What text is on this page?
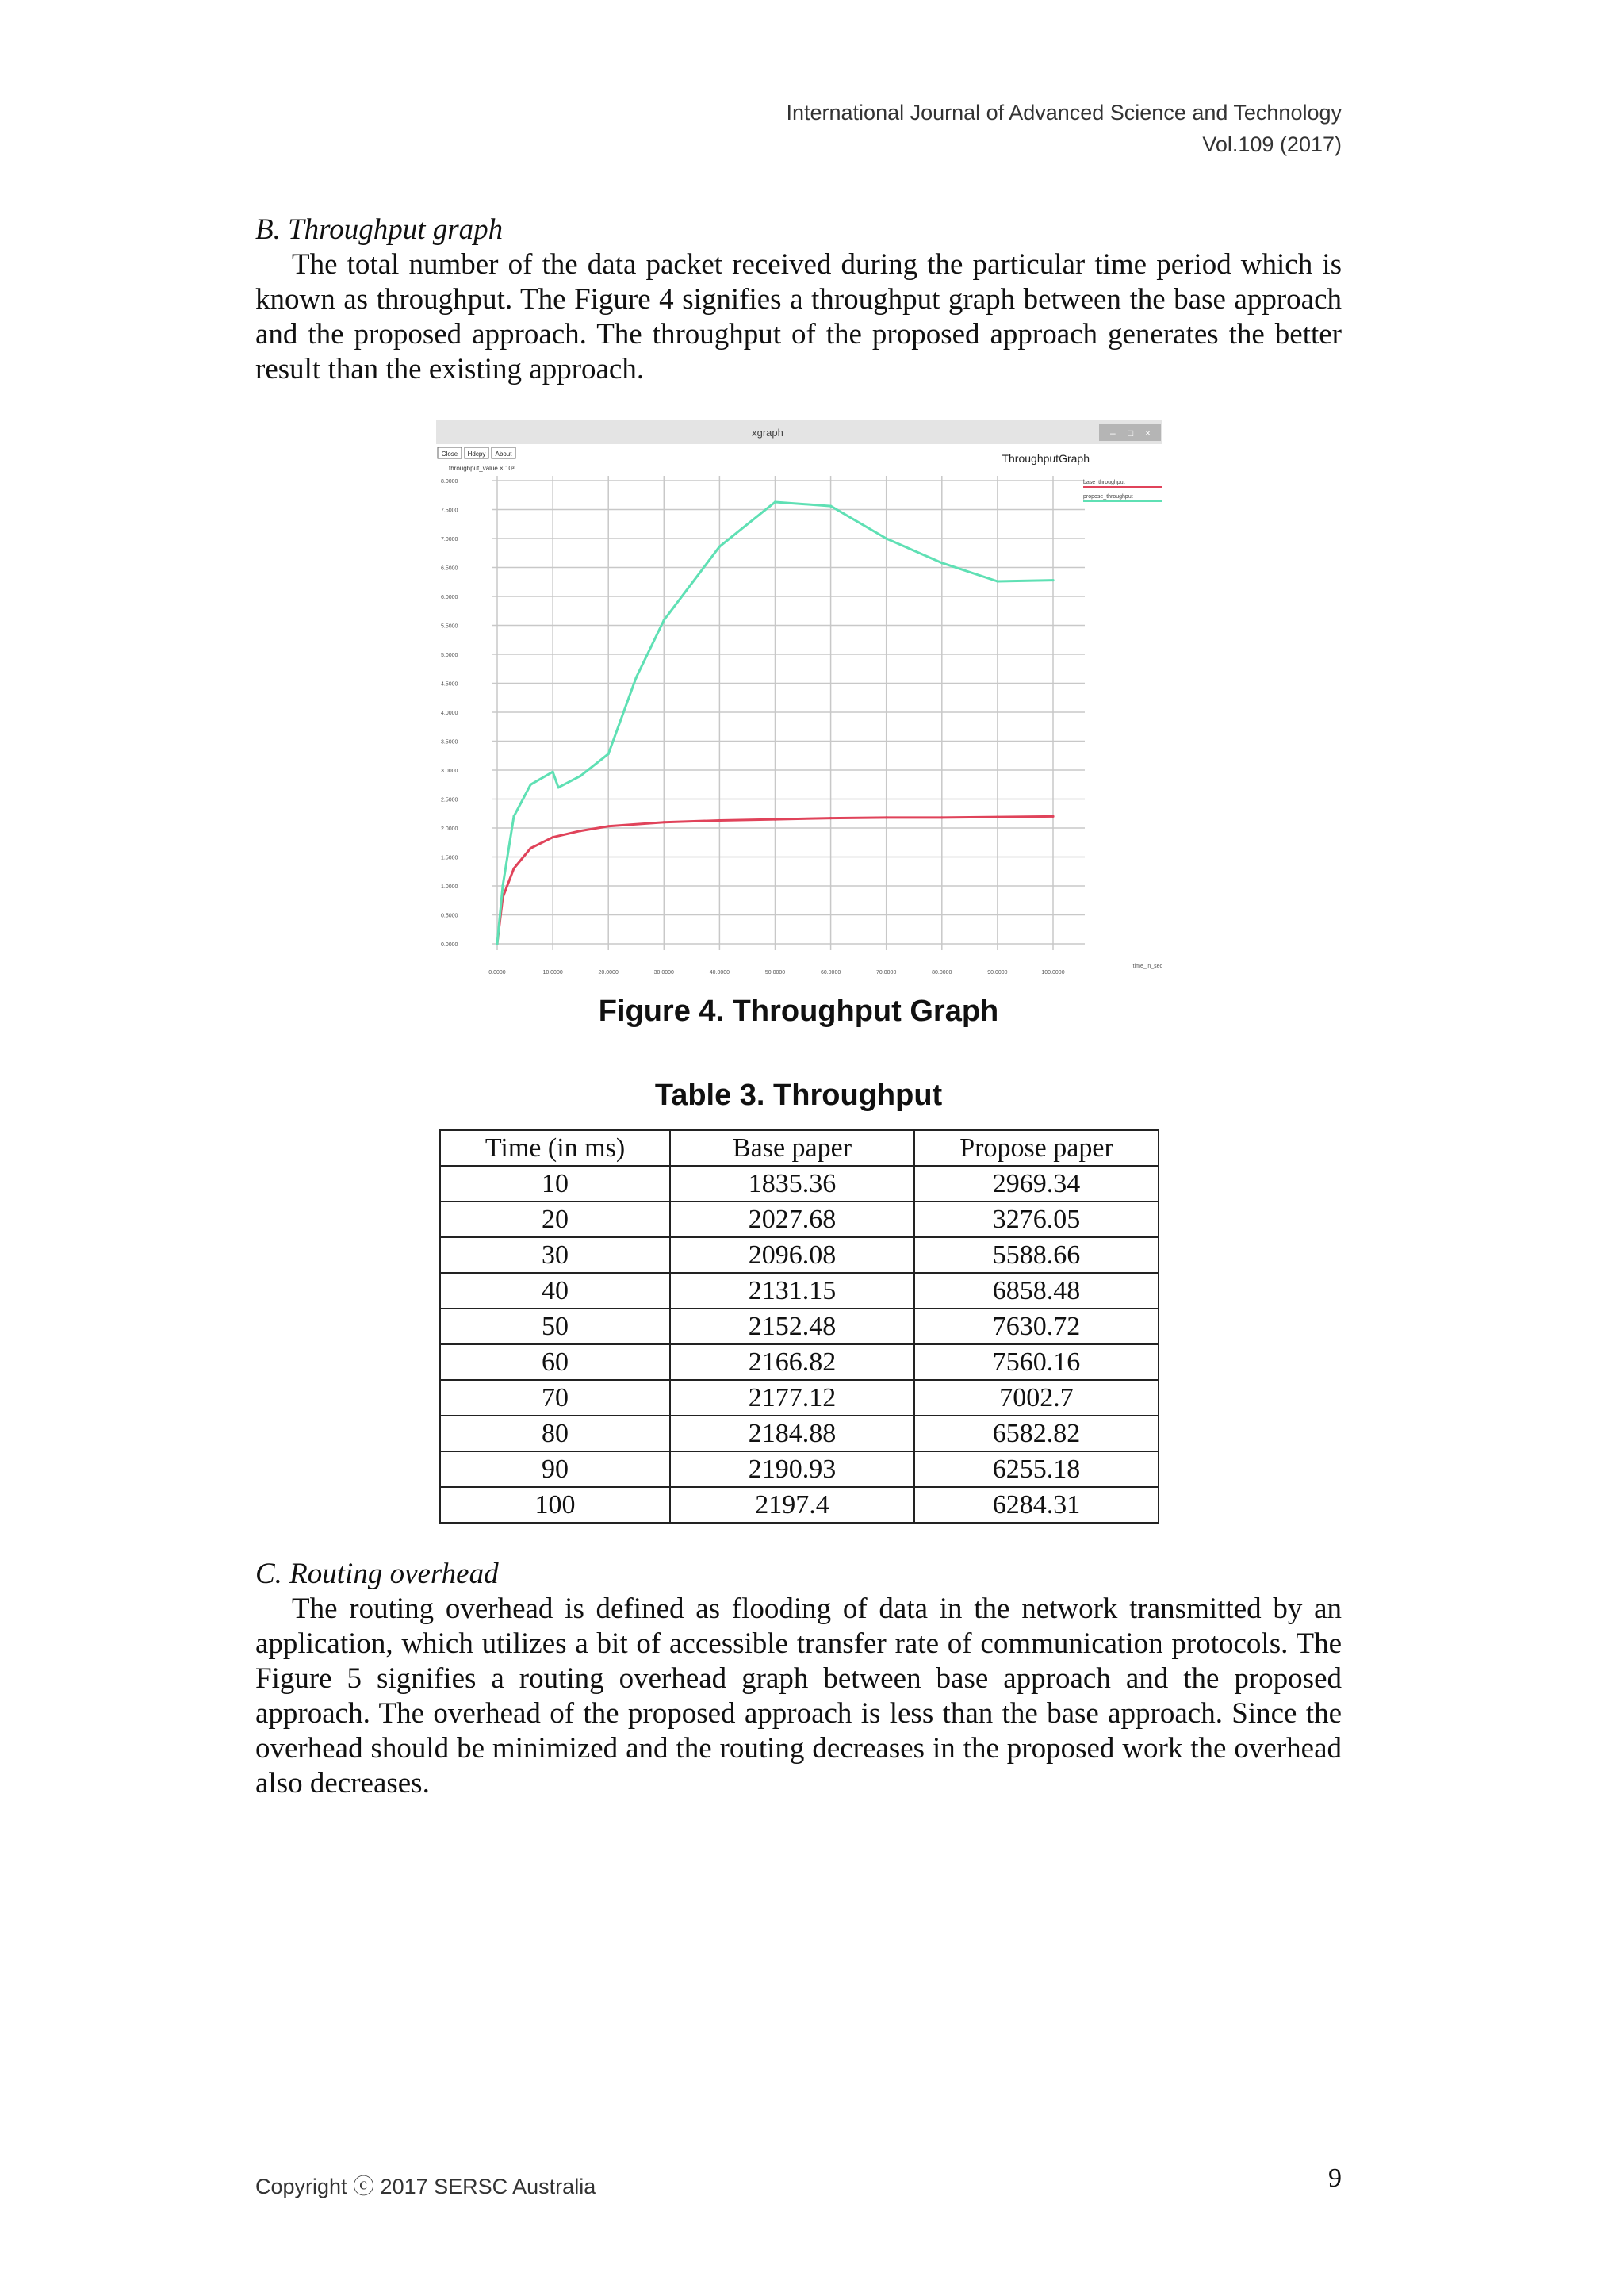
International Journal of Advanced Science and Technology
Vol.109 (2017)
B. Throughput graph
The total number of the data packet received during the particular time period which is known as throughput. The Figure 4 signifies a throughput graph between the base approach and the proposed approach. The throughput of the proposed approach generates the better result than the existing approach.
xgraph	– □ ×
Close Hdcpy About
throughput_value × 10³
ThroughputGraph
8.0000
7.5000
7.0000
6.5000
6.0000
5.5000
5.0000
4.5000
4.0000
3.5000
3.0000
2.5000
2.0000
1.5000
1.0000
0.5000
0.0000
0.0000	10.0000	20.0000	30.0000	40.0000	50.0000	60.0000	70.0000	80.0000	90.0000	100.0000
time_in_sec
base_throughput
propose_throughput
Figure 4. Throughput Graph
Table 3. Throughput
Time (in ms)	Base paper	Propose paper
10	1835.36	2969.34
20	2027.68	3276.05
30	2096.08	5588.66
40	2131.15	6858.48
50	2152.48	7630.72
60	2166.82	7560.16
70	2177.12	7002.7
80	2184.88	6582.82
90	2190.93	6255.18
100	2197.4	6284.31
C. Routing overhead
The routing overhead is defined as flooding of data in the network transmitted by an application, which utilizes a bit of accessible transfer rate of communication protocols. The Figure 5 signifies a routing overhead graph between base approach and the proposed approach. The overhead of the proposed approach is less than the base approach. Since the overhead should be minimized and the routing decreases in the proposed work the overhead also decreases.
Copyright ⓒ 2017 SERSC Australia	9
